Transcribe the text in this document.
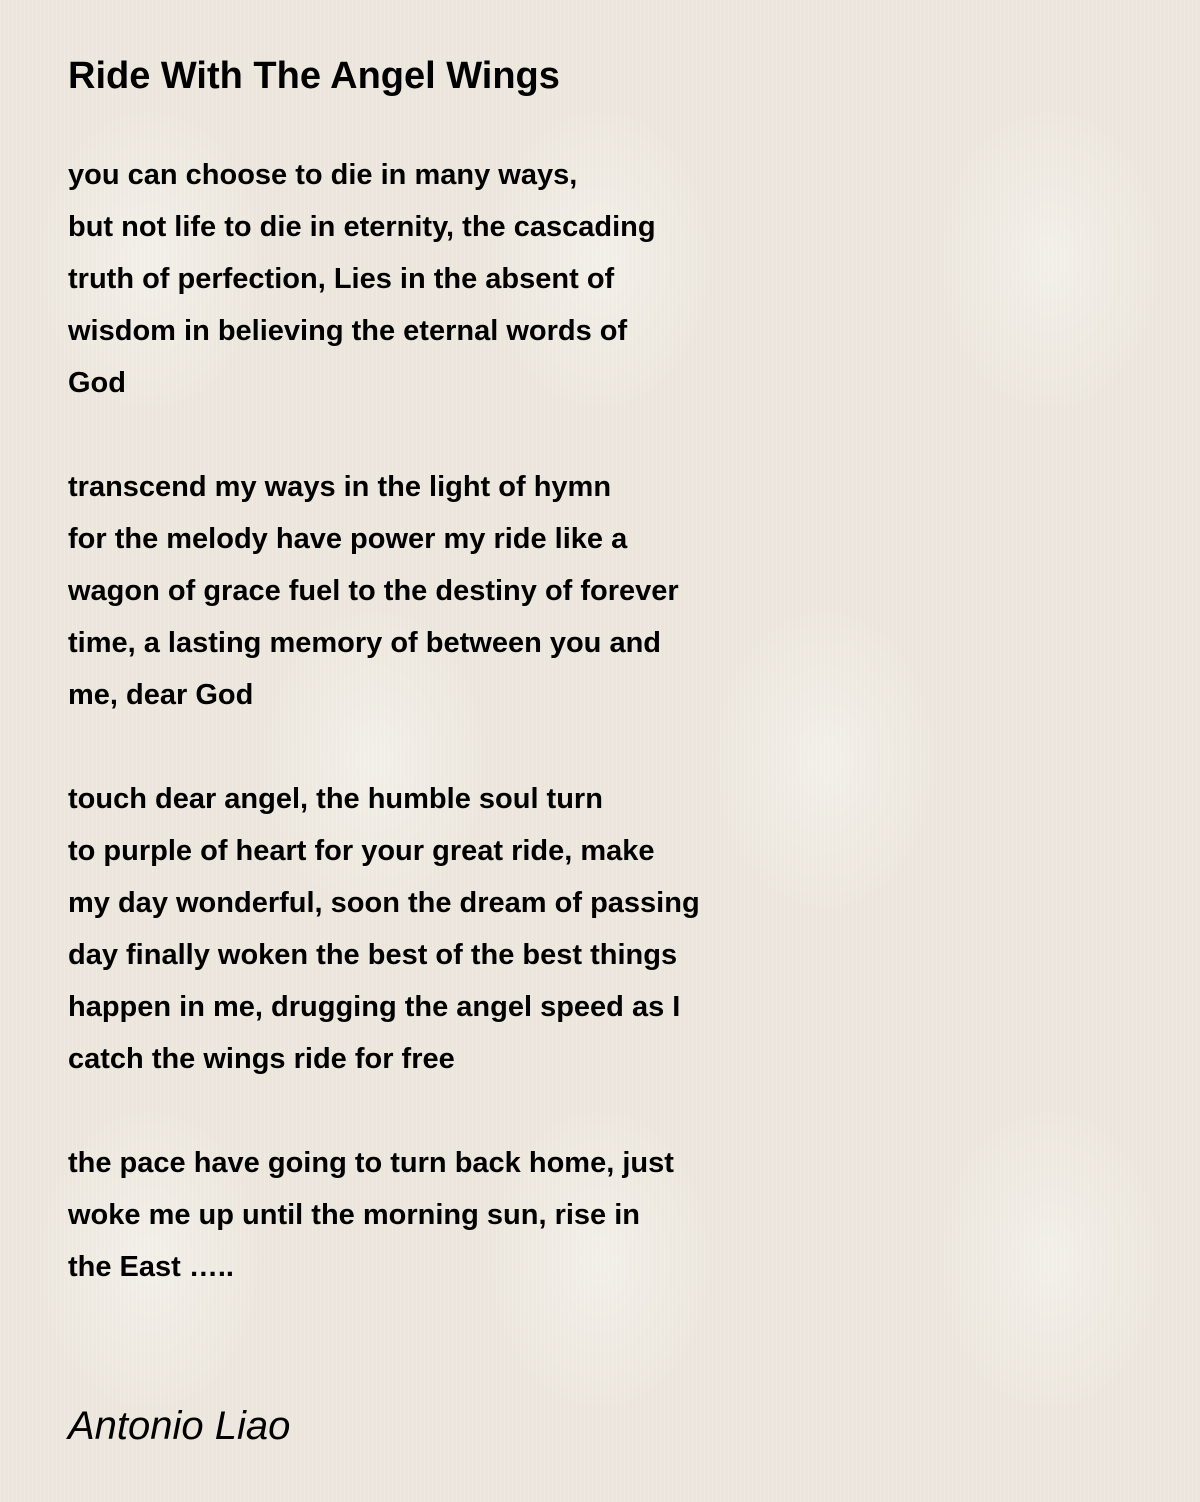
Ride With The Angel Wings

you can choose to die in many ways,
but not life to die in eternity, the cascading
truth of perfection, Lies in the absent of
wisdom in believing the eternal words of
God

transcend my ways in the light of hymn
for the melody have power my ride like a
wagon of grace fuel to the destiny of forever
time, a lasting memory of between you and
me, dear God

touch dear angel, the humble soul turn
to purple of heart for your great ride, make
my day wonderful, soon the dream of passing
day finally woken the best of the best things
happen in me, drugging the angel speed as I
catch the wings ride for free

the pace have going to turn back home, just
woke me up until the morning sun, rise in
the East …..

Antonio Liao
